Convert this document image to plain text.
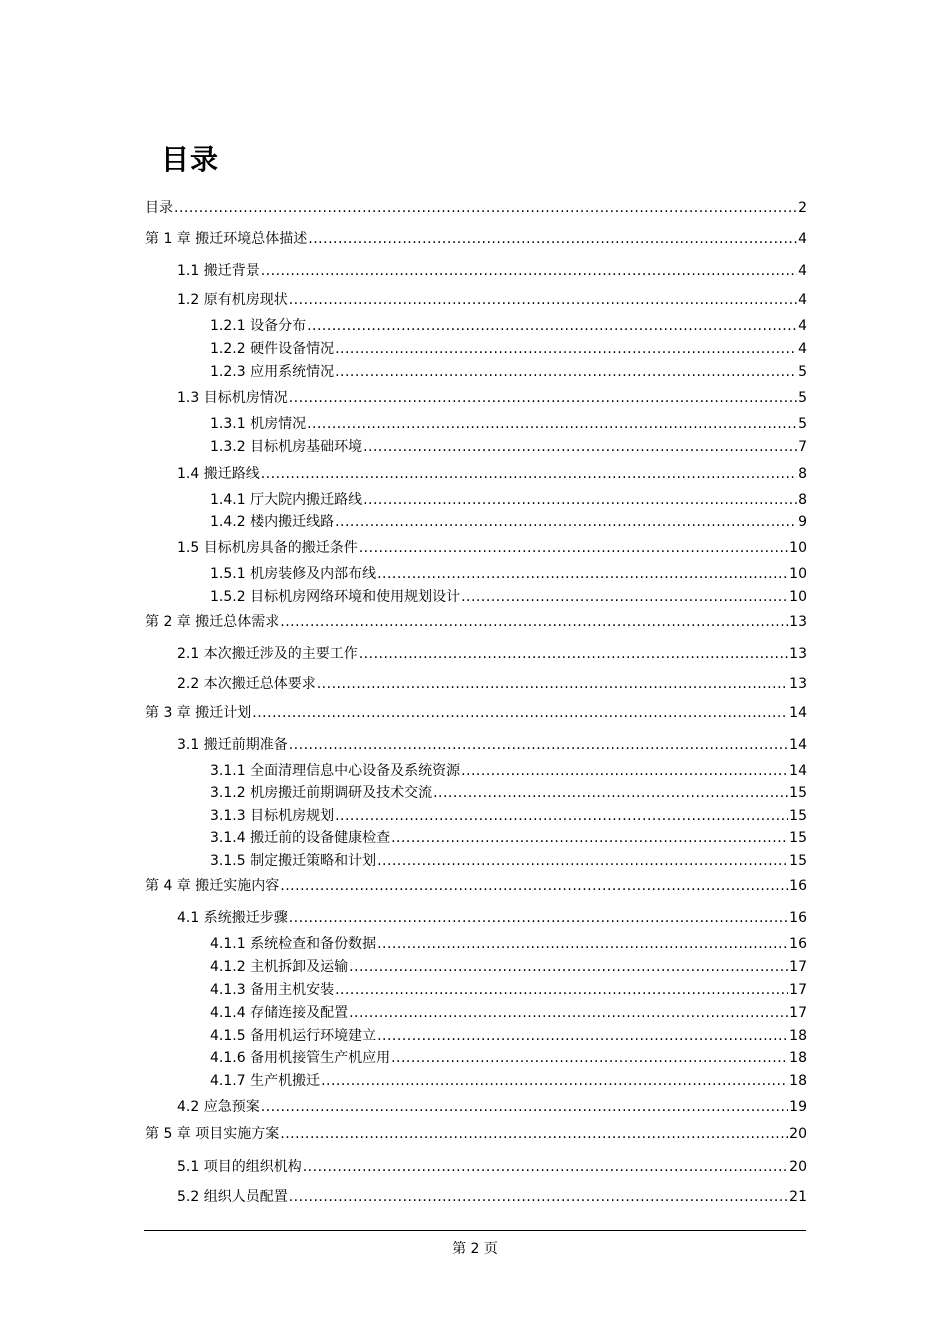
目录
目录 .....	2
第 1 章 搬迁环境总体描述 .....	4
1.1 搬迁背景 .....	4
1.2 原有机房现状 .....	4
1.2.1 设备分布 .....	4
1.2.2 硬件设备情况 .....	4
1.2.3 应用系统情况 .....	5
1.3 目标机房情况 .....	5
1.3.1 机房情况 .....	5
1.3.2 目标机房基础环境 .....	7
1.4 搬迁路线 .....	8
1.4.1 厅大院内搬迁路线 .....	8
1.4.2 楼内搬迁线路 .....	9
1.5 目标机房具备的搬迁条件 .....	10
1.5.1 机房装修及内部布线 .....	10
1.5.2 目标机房网络环境和使用规划设计 .....	10
第 2 章 搬迁总体需求 .....	13
2.1 本次搬迁涉及的主要工作 .....	13
2.2 本次搬迁总体要求 .....	13
第 3 章 搬迁计划 .....	14
3.1 搬迁前期准备 .....	14
3.1.1 全面清理信息中心设备及系统资源 .....	14
3.1.2 机房搬迁前期调研及技术交流 .....	15
3.1.3 目标机房规划 .....	15
3.1.4 搬迁前的设备健康检查 .....	15
3.1.5 制定搬迁策略和计划 .....	15
第 4 章 搬迁实施内容 .....	16
4.1 系统搬迁步骤 .....	16
4.1.1 系统检查和备份数据 .....	16
4.1.2 主机拆卸及运输 .....	17
4.1.3 备用主机安装 .....	17
4.1.4 存储连接及配置 .....	17
4.1.5 备用机运行环境建立 .....	18
4.1.6 备用机接管生产机应用 .....	18
4.1.7 生产机搬迁 .....	18
4.2 应急预案 .....	19
第 5 章 项目实施方案 .....	20
5.1 项目的组织机构 .....	20
5.2 组织人员配置 .....	21
第 2 页
